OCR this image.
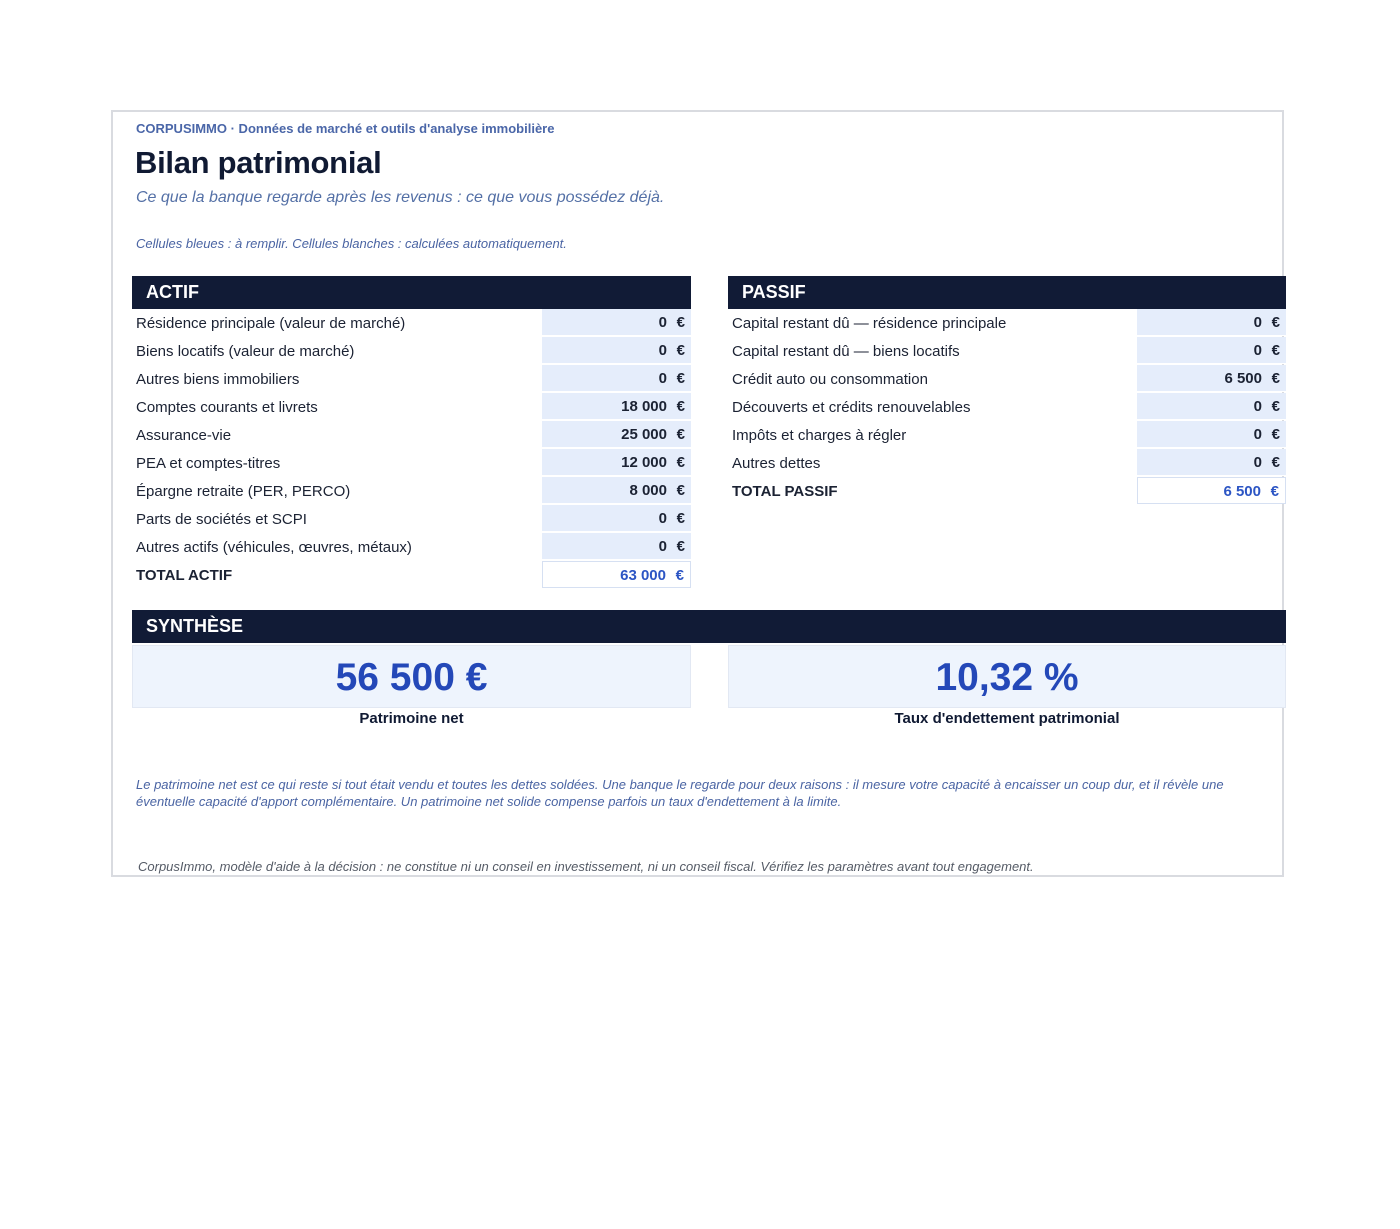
CORPUSIMMO · Données de marché et outils d'analyse immobilière
Bilan patrimonial
Ce que la banque regarde après les revenus : ce que vous possédez déjà.
Cellules bleues : à remplir. Cellules blanches : calculées automatiquement.
ACTIF
Résidence principale (valeur de marché)	0 €
Biens locatifs (valeur de marché)	0 €
Autres biens immobiliers	0 €
Comptes courants et livrets	18 000 €
Assurance-vie	25 000 €
PEA et comptes-titres	12 000 €
Épargne retraite (PER, PERCO)	8 000 €
Parts de sociétés et SCPI	0 €
Autres actifs (véhicules, œuvres, métaux)	0 €
TOTAL ACTIF	63 000 €
PASSIF
Capital restant dû — résidence principale	0 €
Capital restant dû — biens locatifs	0 €
Crédit auto ou consommation	6 500 €
Découverts et crédits renouvelables	0 €
Impôts et charges à régler	0 €
Autres dettes	0 €
TOTAL PASSIF	6 500 €
SYNTHÈSE
56 500 €
Patrimoine net
10,32 %
Taux d'endettement patrimonial
Le patrimoine net est ce qui reste si tout était vendu et toutes les dettes soldées. Une banque le regarde pour deux raisons : il mesure votre capacité à encaisser un coup dur, et il révèle une éventuelle capacité d'apport complémentaire. Un patrimoine net solide compense parfois un taux d'endettement à la limite.
CorpusImmo, modèle d'aide à la décision : ne constitue ni un conseil en investissement, ni un conseil fiscal. Vérifiez les paramètres avant tout engagement.
